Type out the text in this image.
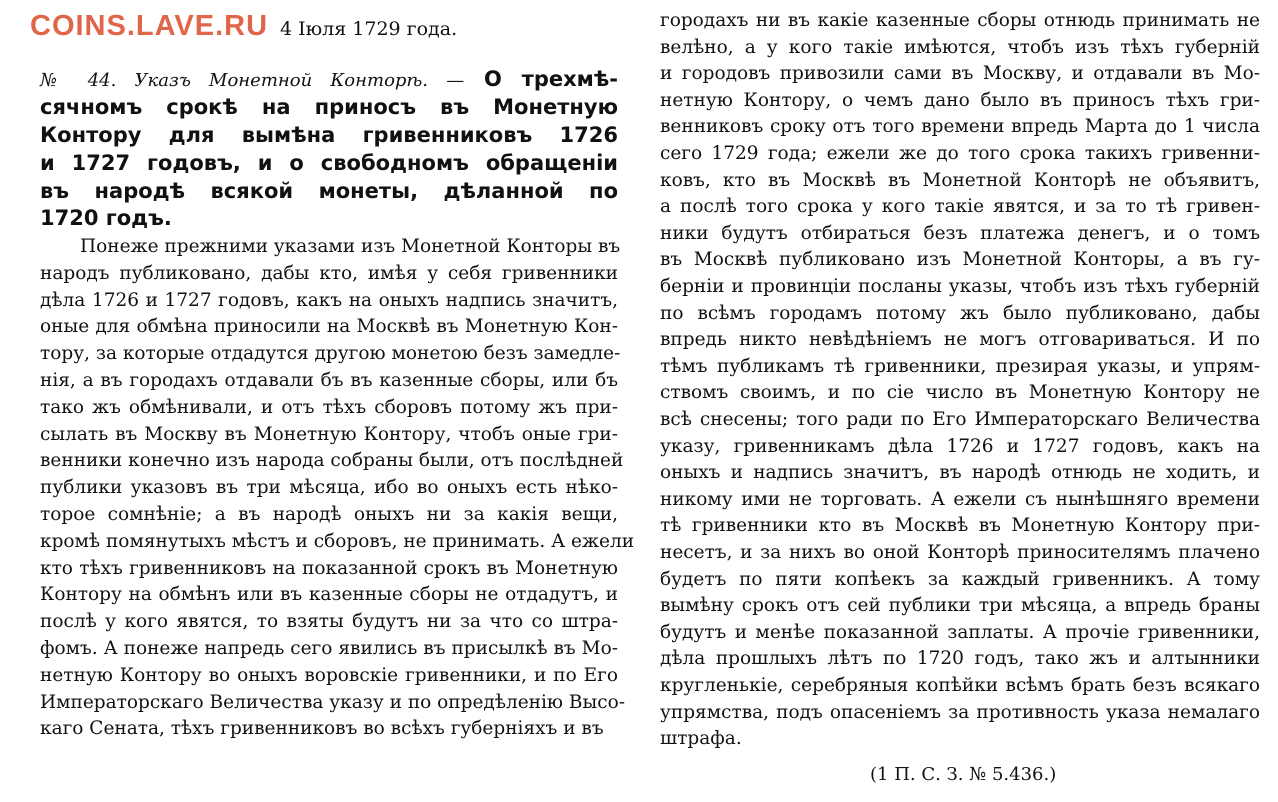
COINS.LAVE.RU 4 Іюля 1729 года.
№ 44. Указъ Монетной Конторѣ. — О трехмѣ-
сячномъ срокѣ на приносъ въ Монетную
Контору для вымѣна гривенниковъ 1726
и 1727 годовъ, и о свободномъ обращеніи
въ народѣ всякой монеты, дѣланной по
1720 годъ.
Понеже прежними указами изъ Монетной Конторы въ
народъ публиковано, дабы кто, имѣя у себя гривенники
дѣла 1726 и 1727 годовъ, какъ на оныхъ надпись значитъ,
оные для обмѣна приносили на Москвѣ въ Монетную Кон-
тору, за которые отдадутся другою монетою безъ замедле-
нія, а въ городахъ отдавали бъ въ казенные сборы, или бъ
тако жъ обмѣнивали, и отъ тѣхъ сборовъ потому жъ при-
сылать въ Москву въ Монетную Контору, чтобъ оные гри-
венники конечно изъ народа собраны были, отъ послѣдней
публики указовъ въ три мѣсяца, ибо во оныхъ есть нѣко-
торое сомнѣніе; а въ народѣ оныхъ ни за какія вещи,
кромѣ помянутыхъ мѣстъ и сборовъ, не принимать. А ежели
кто тѣхъ гривенниковъ на показанной срокъ въ Монетную
Контору на обмѣнъ или въ казенные сборы не отдадутъ, и
послѣ у кого явятся, то взяты будутъ ни за что со штра-
фомъ. А понеже напредь сего явились въ присылкѣ въ Мо-
нетную Контору во оныхъ воровскіе гривенники, и по Его
Императорскаго Величества указу и по опредѣленію Высо-
каго Сената, тѣхъ гривенниковъ во всѣхъ губерніяхъ и въ
городахъ ни въ какіе казенные сборы отнюдь принимать не
велѣно, а у кого такіе имѣются, чтобъ изъ тѣхъ губерній
и городовъ привозили сами въ Москву, и отдавали въ Мо-
нетную Контору, о чемъ дано было въ приносъ тѣхъ гри-
венниковъ сроку отъ того времени впредь Марта до 1 числа
сего 1729 года; ежели же до того срока такихъ гривенни-
ковъ, кто въ Москвѣ въ Монетной Конторѣ не объявитъ,
а послѣ того срока у кого такіе явятся, и за то тѣ гривен-
ники будутъ отбираться безъ платежа денегъ, и о томъ
въ Москвѣ публиковано изъ Монетной Конторы, а въ гу-
берніи и провинціи посланы указы, чтобъ изъ тѣхъ губерній
по всѣмъ городамъ потому жъ было публиковано, дабы
впредь никто невѣдѣніемъ не могъ отговариваться. И по
тѣмъ публикамъ тѣ гривенники, презирая указы, и упрям-
ствомъ своимъ, и по сіе число въ Монетную Контору не
всѣ снесены; того ради по Его Императорскаго Величества
указу, гривенникамъ дѣла 1726 и 1727 годовъ, какъ на
оныхъ и надпись значитъ, въ народѣ отнюдь не ходить, и
никому ими не торговать. А ежели съ нынѣшняго времени
тѣ гривенники кто въ Москвѣ въ Монетную Контору при-
несетъ, и за нихъ во оной Конторѣ приносителямъ плачено
будетъ по пяти копѣекъ за каждый гривенникъ. А тому
вымѣну срокъ отъ сей публики три мѣсяца, а впредь браны
будутъ и менѣе показанной заплаты. А прочіе гривенники,
дѣла прошлыхъ лѣтъ по 1720 годъ, тако жъ и алтынники
кругленькіе, серебряныя копѣйки всѣмъ брать безъ всякаго
упрямства, подъ опасеніемъ за противность указа немалаго
штрафа.
(1 П. С. З. № 5.436.)
